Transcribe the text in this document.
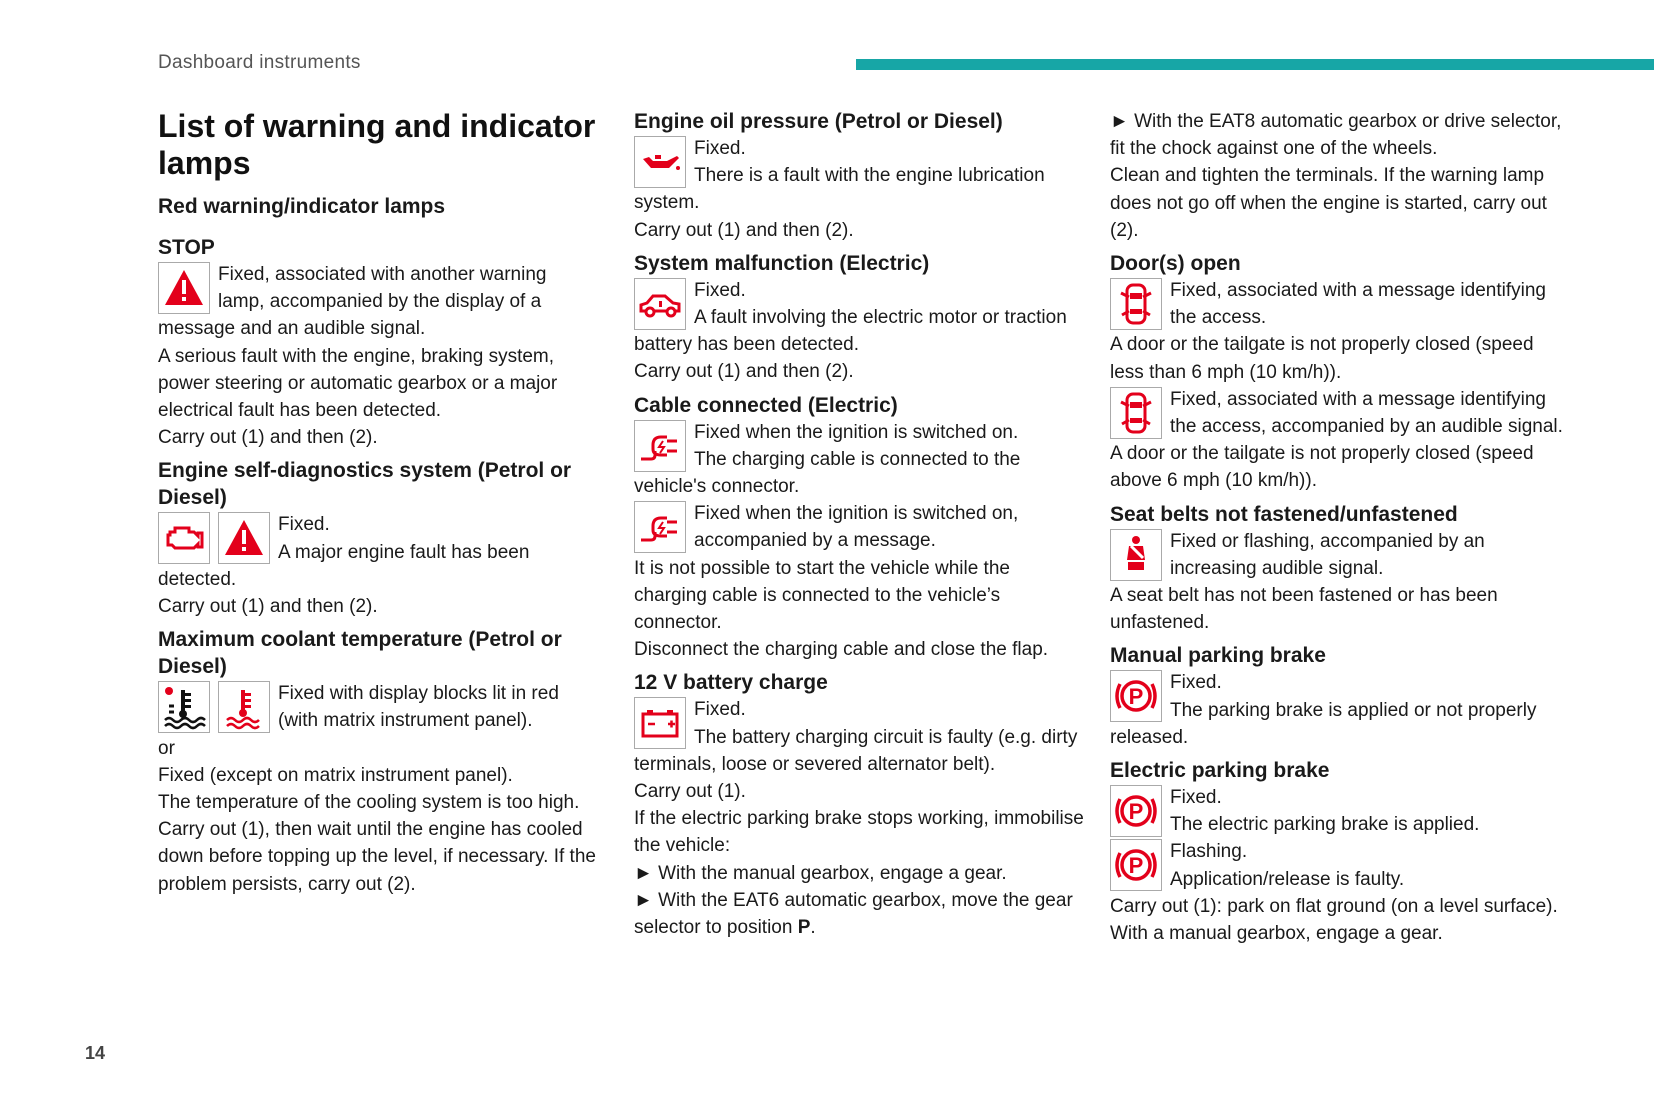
Dashboard instruments
14
List of warning and indicator lamps
Red warning/indicator lamps
STOP

Fixed, associated with another warning lamp, accompanied by the display of a message and an audible signal.

A serious fault with the engine, braking system, power steering or automatic gearbox or a major electrical fault has been detected.

Carry out (1) and then (2).

Engine self-diagnostics system (Petrol or Diesel)

Fixed.
A major engine fault has been detected.

Carry out (1) and then (2).

Maximum coolant temperature (Petrol or Diesel)

Fixed with display blocks lit in red (with matrix instrument panel).

or

Fixed (except on matrix instrument panel).

The temperature of the cooling system is too high.

Carry out (1), then wait until the engine has cooled down before topping up the level, if necessary. If the problem persists, carry out (2).

Engine oil pressure (Petrol or Diesel)

Fixed.
There is a fault with the engine lubrication system.

Carry out (1) and then (2).

System malfunction (Electric)

Fixed.
A fault involving the electric motor or traction battery has been detected.

Carry out (1) and then (2).

Cable connected (Electric)

Fixed when the ignition is switched on.
The charging cable is connected to the vehicle's connector.

Fixed when the ignition is switched on, accompanied by a message.

It is not possible to start the vehicle while the charging cable is connected to the vehicle’s connector.

Disconnect the charging cable and close the flap.

12 V battery charge

Fixed.
The battery charging circuit is faulty (e.g. dirty terminals, loose or severed alternator belt).

Carry out (1).

If the electric parking brake stops working, immobilise the vehicle:

► With the manual gearbox, engage a gear.

► With the EAT6 automatic gearbox, move the gear selector to position P.

► With the EAT8 automatic gearbox or drive selector, fit the chock against one of the wheels.

Clean and tighten the terminals. If the warning lamp does not go off when the engine is started, carry out (2).

Door(s) open

Fixed, associated with a message identifying the access.

A door or the tailgate is not properly closed (speed less than 6 mph (10 km/h)).

Fixed, associated with a message identifying the access, accompanied by an audible signal.

A door or the tailgate is not properly closed (speed above 6 mph (10 km/h)).

Seat belts not fastened/unfastened

Fixed or flashing, accompanied by an increasing audible signal.

A seat belt has not been fastened or has been unfastened.

Manual parking brake
P

Fixed.
The parking brake is applied or not properly released.

Electric parking brake
P

Fixed.
The electric parking brake is applied.

P

Flashing.
Application/release is faulty.

Carry out (1): park on flat ground (on a level surface).

With a manual gearbox, engage a gear.
